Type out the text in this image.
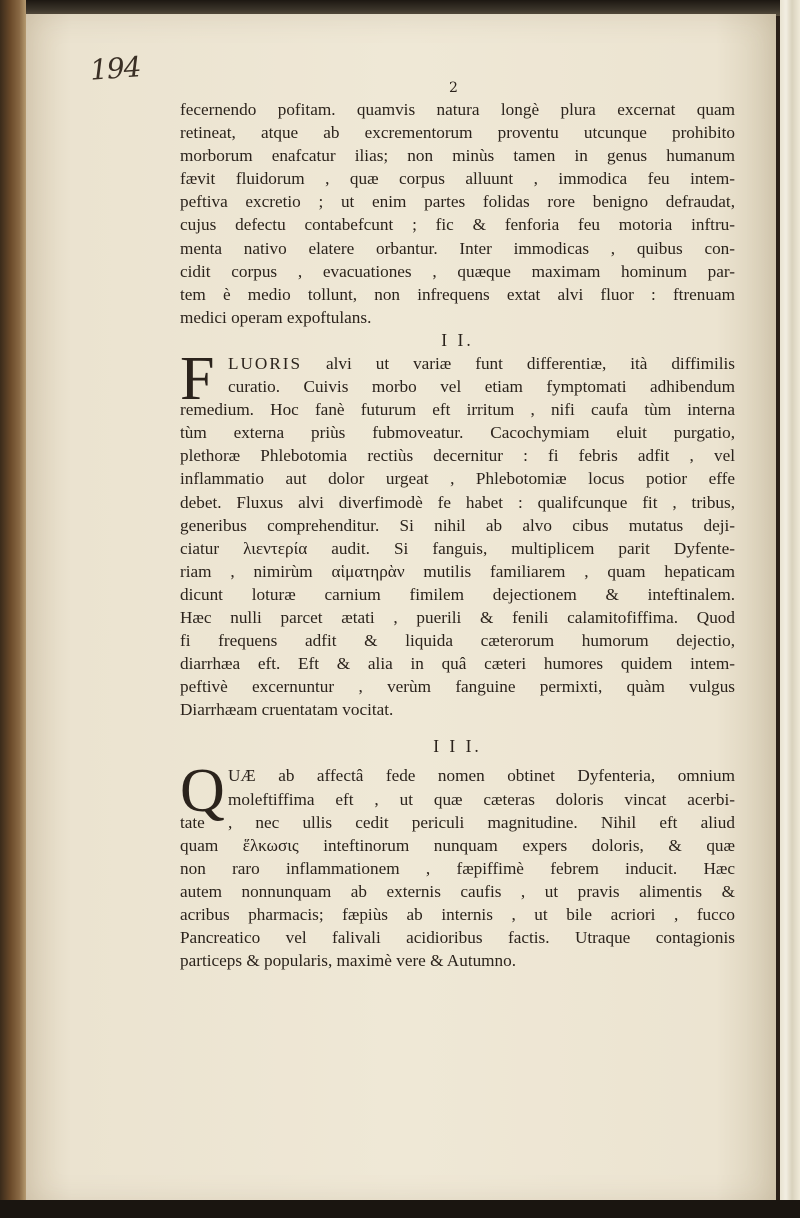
194
2
fecernendo pofitam. quamvis natura longè plura excernat quam
retineat, atque ab excrementorum proventu utcunque prohibito
morborum enafcatur ilias; non minùs tamen in genus humanum
fævit fluidorum , quæ corpus alluunt , immodica feu intem-
peftiva excretio ; ut enim partes folidas rore benigno defraudat,
cujus defectu contabefcunt ; fic & fenforia feu motoria inftru-
menta nativo elatere orbantur. Inter immodicas , quibus con-
cidit corpus , evacuationes , quæque maximam hominum par-
tem è medio tollunt, non infrequens extat alvi fluor : ftrenuam
medici operam expoftulans.
I I.
F LUORIS alvi ut variæ funt differentiæ, ità diffimilis
curatio. Cuivis morbo vel etiam fymptomati adhibendum
remedium. Hoc fanè futurum eft irritum , nifi caufa tùm interna
tùm externa priùs fubmoveatur. Cacochymiam eluit purgatio,
plethoræ Phlebotomia rectiùs decernitur : fi febris adfit , vel
inflammatio aut dolor urgeat , Phlebotomiæ locus potior effe
debet. Fluxus alvi diverfimodè fe habet : qualifcunque fit , tribus,
generibus comprehenditur. Si nihil ab alvo cibus mutatus deji-
ciatur λιεντερία audit. Si fanguis, multiplicem parit Dyfente-
riam , nimirùm αἱματηρὰν mutilis familiarem , quam hepaticam
dicunt loturæ carnium fimilem dejectionem & inteftinalem.
Hæc nulli parcet ætati , puerili & fenili calamitofiffima. Quod
fi frequens adfit & liquida cæterorum humorum dejectio,
diarrhæa eft. Eft & alia in quâ cæteri humores quidem intem-
peftivè excernuntur , verùm fanguine permixti, quàm vulgus
Diarrhæam cruentatam vocitat.
I I I.
Q UÆ ab affectâ fede nomen obtinet Dyfenteria, omnium
moleftiffima eft , ut quæ cæteras doloris vincat acerbi-
tate , nec ullis cedit periculi magnitudine. Nihil eft aliud
quam ἕλκωσις inteftinorum nunquam expers doloris, & quæ
non raro inflammationem , fæpiffimè febrem inducit. Hæc
autem nonnunquam ab externis caufis , ut pravis alimentis &
acribus pharmacis; fæpiùs ab internis , ut bile acriori , fucco
Pancreatico vel falivali acidioribus factis. Utraque contagionis
particeps & popularis, maximè vere & Autumno.
